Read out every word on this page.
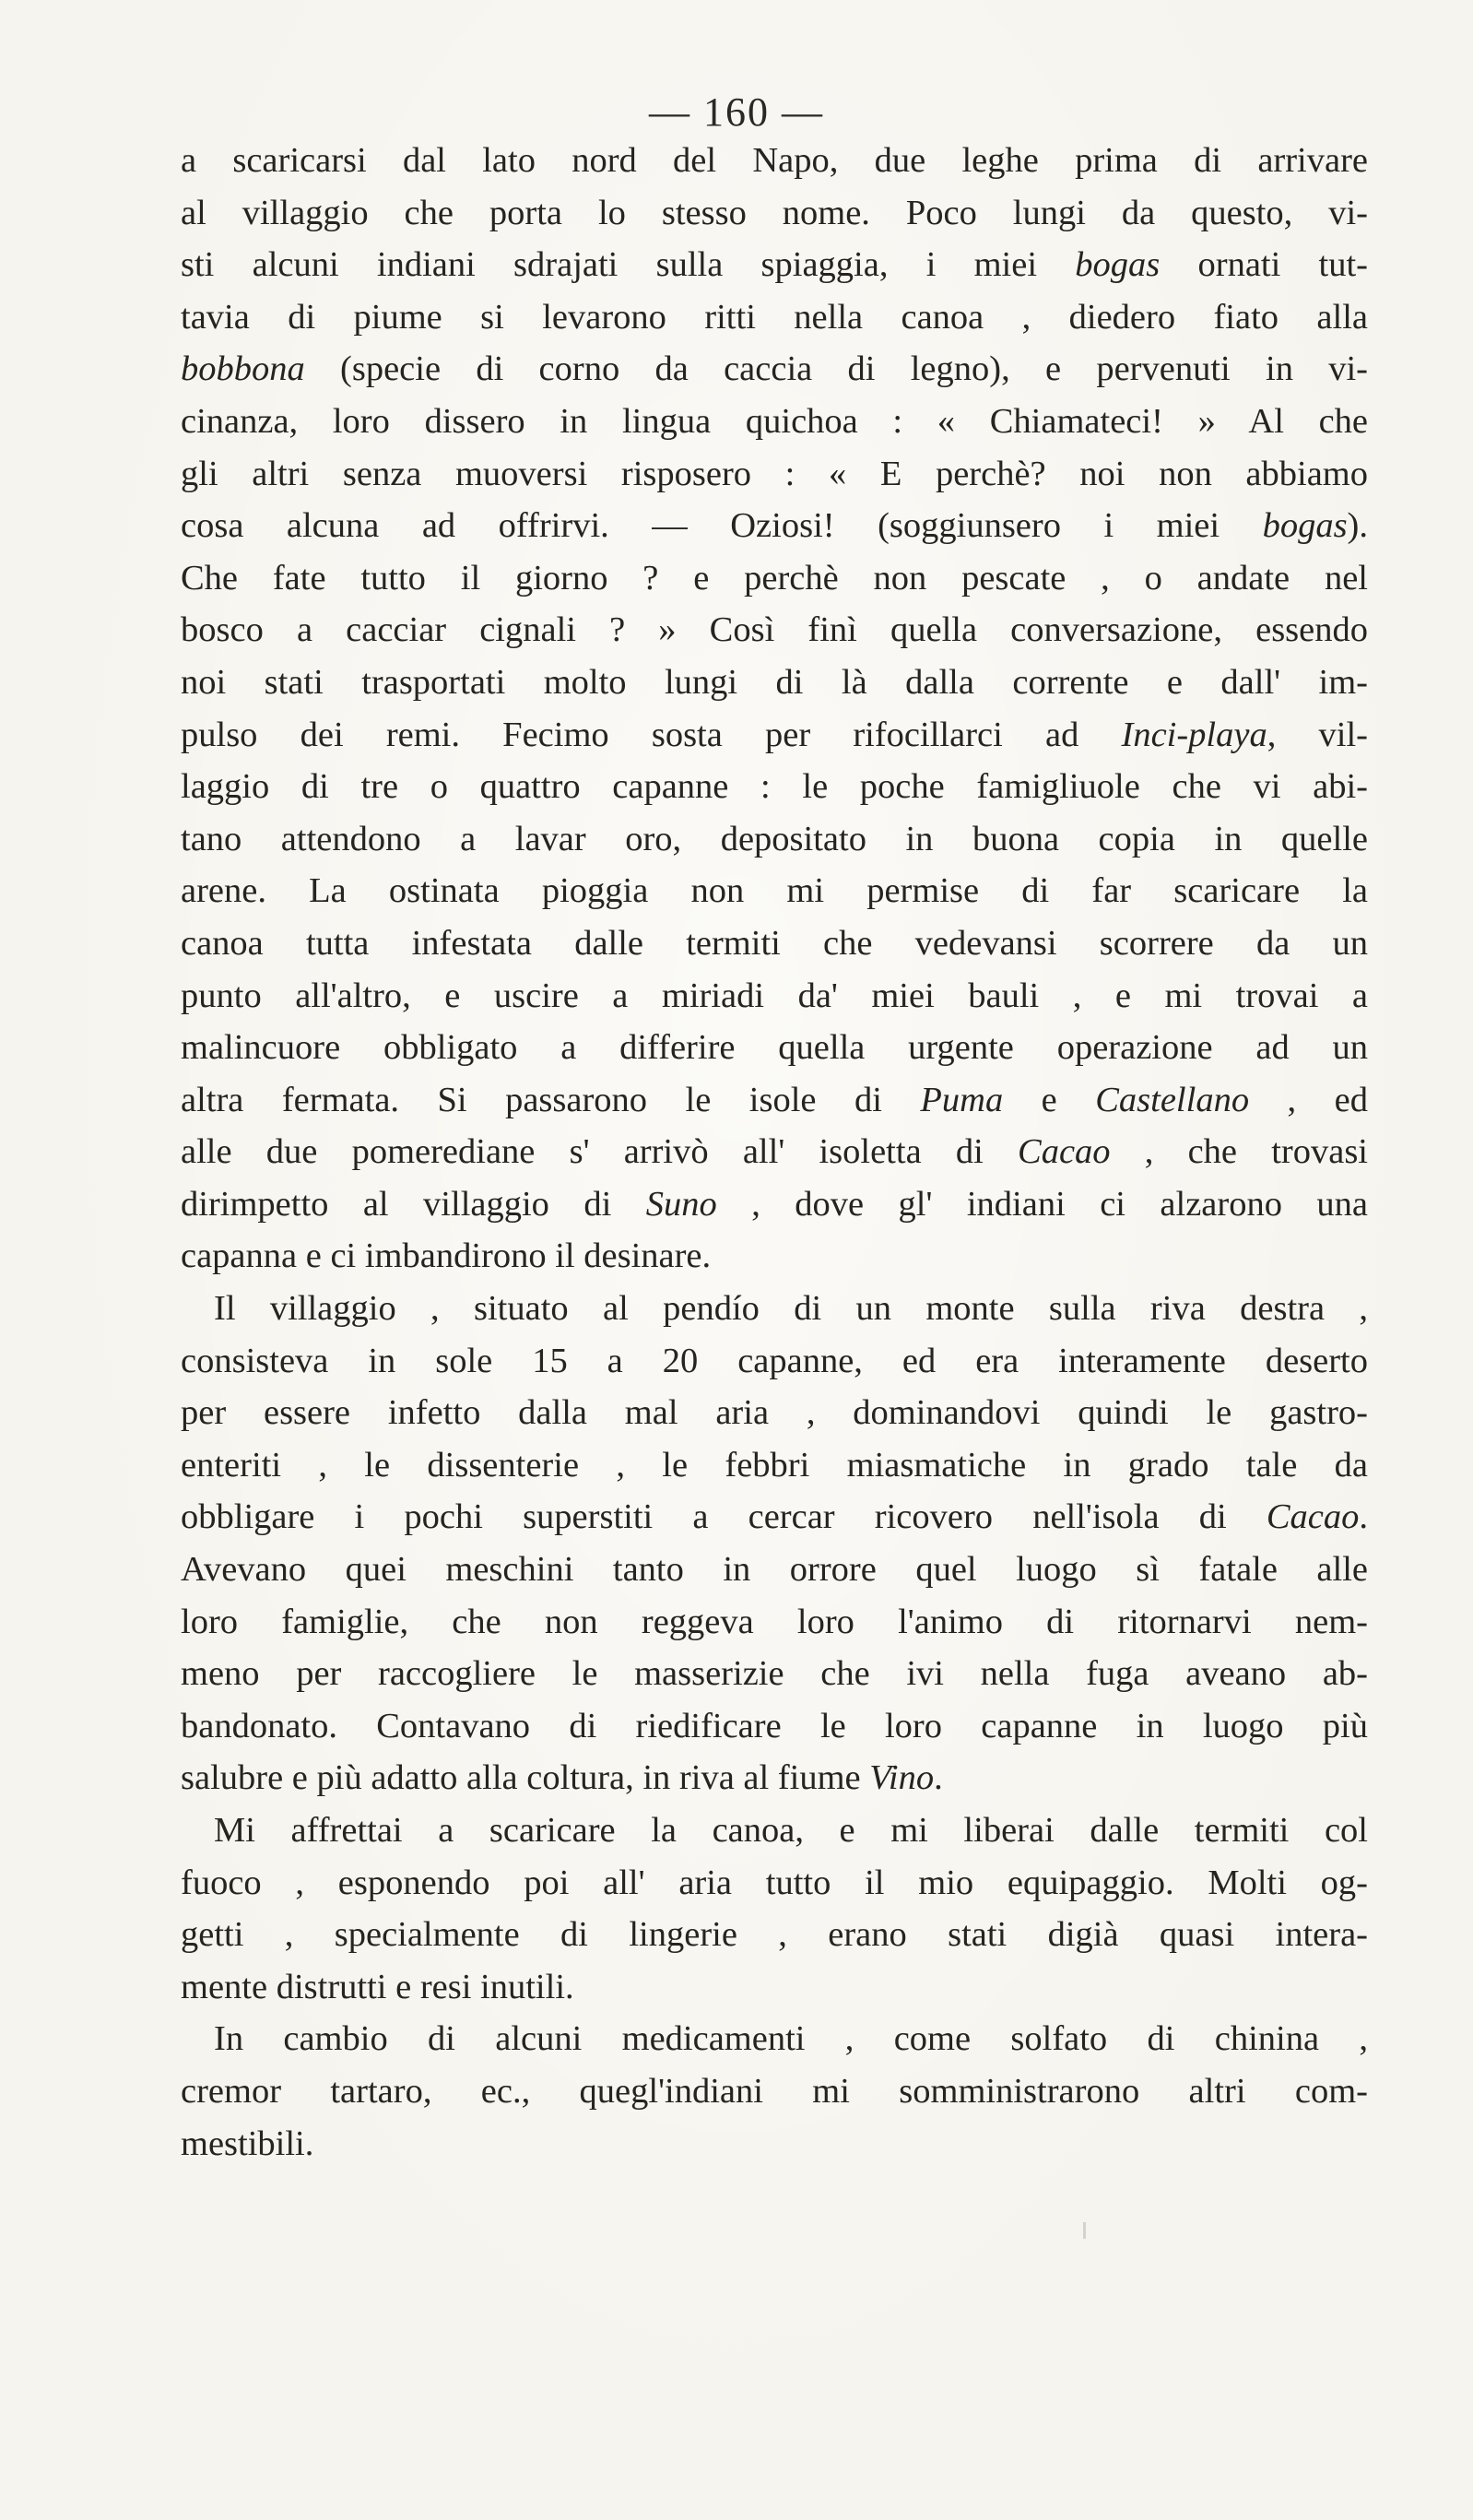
— 160 —
a scaricarsi dal lato nord del Napo, due leghe prima di arrivare
al villaggio che porta lo stesso nome. Poco lungi da questo, vi-
sti alcuni indiani sdrajati sulla spiaggia, i miei bogas ornati tut-
tavia di piume si levarono ritti nella canoa , diedero fiato alla
bobbona (specie di corno da caccia di legno), e pervenuti in vi-
cinanza, loro dissero in lingua quichoa : « Chiamateci! » Al che
gli altri senza muoversi risposero : « E perchè? noi non abbiamo
cosa alcuna ad offrirvi. — Oziosi! (soggiunsero i miei bogas).
Che fate tutto il giorno ? e perchè non pescate , o andate nel
bosco a cacciar cignali ? » Così finì quella conversazione, essendo
noi stati trasportati molto lungi di là dalla corrente e dall' im-
pulso dei remi. Fecimo sosta per rifocillarci ad Inci-playa, vil-
laggio di tre o quattro capanne : le poche famigliuole che vi abi-
tano attendono a lavar oro, depositato in buona copia in quelle
arene. La ostinata pioggia non mi permise di far scaricare la
canoa tutta infestata dalle termiti che vedevansi scorrere da un
punto all'altro, e uscire a miriadi da' miei bauli , e mi trovai a
malincuore obbligato a differire quella urgente operazione ad un
altra fermata. Si passarono le isole di Puma e Castellano , ed
alle due pomerediane s' arrivò all' isoletta di Cacao , che trovasi
dirimpetto al villaggio di Suno , dove gl' indiani ci alzarono una
capanna e ci imbandirono il desinare.
Il villaggio , situato al pendío di un monte sulla riva destra ,
consisteva in sole 15 a 20 capanne, ed era interamente deserto
per essere infetto dalla mal aria , dominandovi quindi le gastro-
enteriti , le dissenterie , le febbri miasmatiche in grado tale da
obbligare i pochi superstiti a cercar ricovero nell'isola di Cacao.
Avevano quei meschini tanto in orrore quel luogo sì fatale alle
loro famiglie, che non reggeva loro l'animo di ritornarvi nem-
meno per raccogliere le masserizie che ivi nella fuga aveano ab-
bandonato. Contavano di riedificare le loro capanne in luogo più
salubre e più adatto alla coltura, in riva al fiume Vino.
Mi affrettai a scaricare la canoa, e mi liberai dalle termiti col
fuoco , esponendo poi all' aria tutto il mio equipaggio. Molti og-
getti , specialmente di lingerie , erano stati digià quasi intera-
mente distrutti e resi inutili.
In cambio di alcuni medicamenti , come solfato di chinina ,
cremor tartaro, ec., quegl'indiani mi somministrarono altri com-
mestibili.
